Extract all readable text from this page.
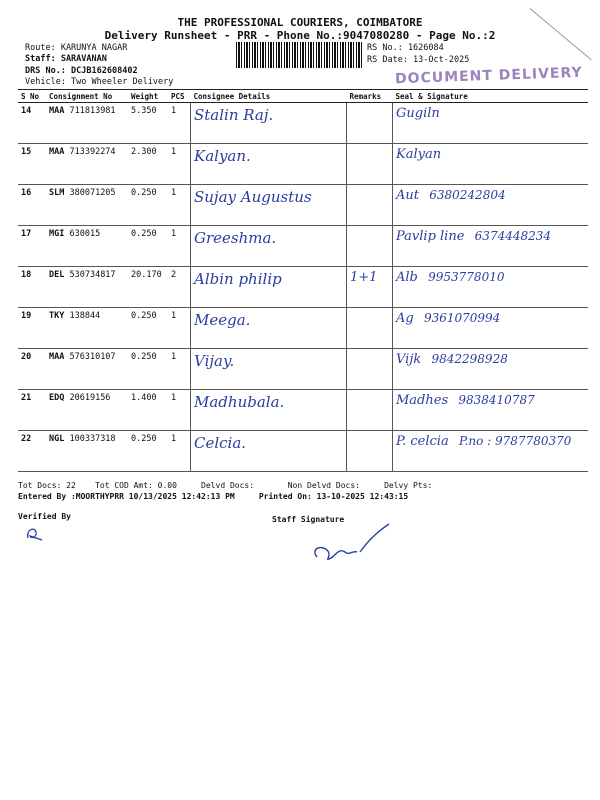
THE PROFESSIONAL COURIERS, COIMBATORE
Delivery Runsheet - PRR - Phone No.:9047080280 - Page No.:2
Route: KARUNYA NAGAR
Staff: SARAVANAN
DRS No.: DCJB162608402
Vehicle: Two Wheeler Delivery
RS No.: 1626084
RS Date: 13-Oct-2025
DOCUMENT DELIVERY
S No	Consignment No	Weight	PCS	Consignee Details	Remarks	Seal & Signature
14	MAA 711813981	5.350	1	Stalin Raj.		Gugiln
15	MAA 713392274	2.300	1	Kalyan.		Kalyan
16	SLM 380071205	0.250	1	Sujay Augustus		Aut 6380242804
17	MGI 630015	0.250	1	Greeshma.		Pavlip line 6374448234
18	DEL 530734817	20.170	2	Albin philip	1+1	Alb 9953778010
19	TKY 138844	0.250	1	Meega.		Ag 9361070994
20	MAA 576310107	0.250	1	Vijay.		Vijk 9842298928
21	EDQ 20619156	1.400	1	Madhubala.		Madhes 9838410787
22	NGL 100337318	0.250	1	Celcia.		P. celcia P.no : 9787780370
Tot Docs: 22 Tot COD Amt: 0.00	Delvd Docs:	Non Delvd Docs:	Delvy Pts:
Entered By :MOORTHYPRR 10/13/2025 12:42:13 PM	Printed On: 13-10-2025 12:43:15
Verified By	Staff Signature
